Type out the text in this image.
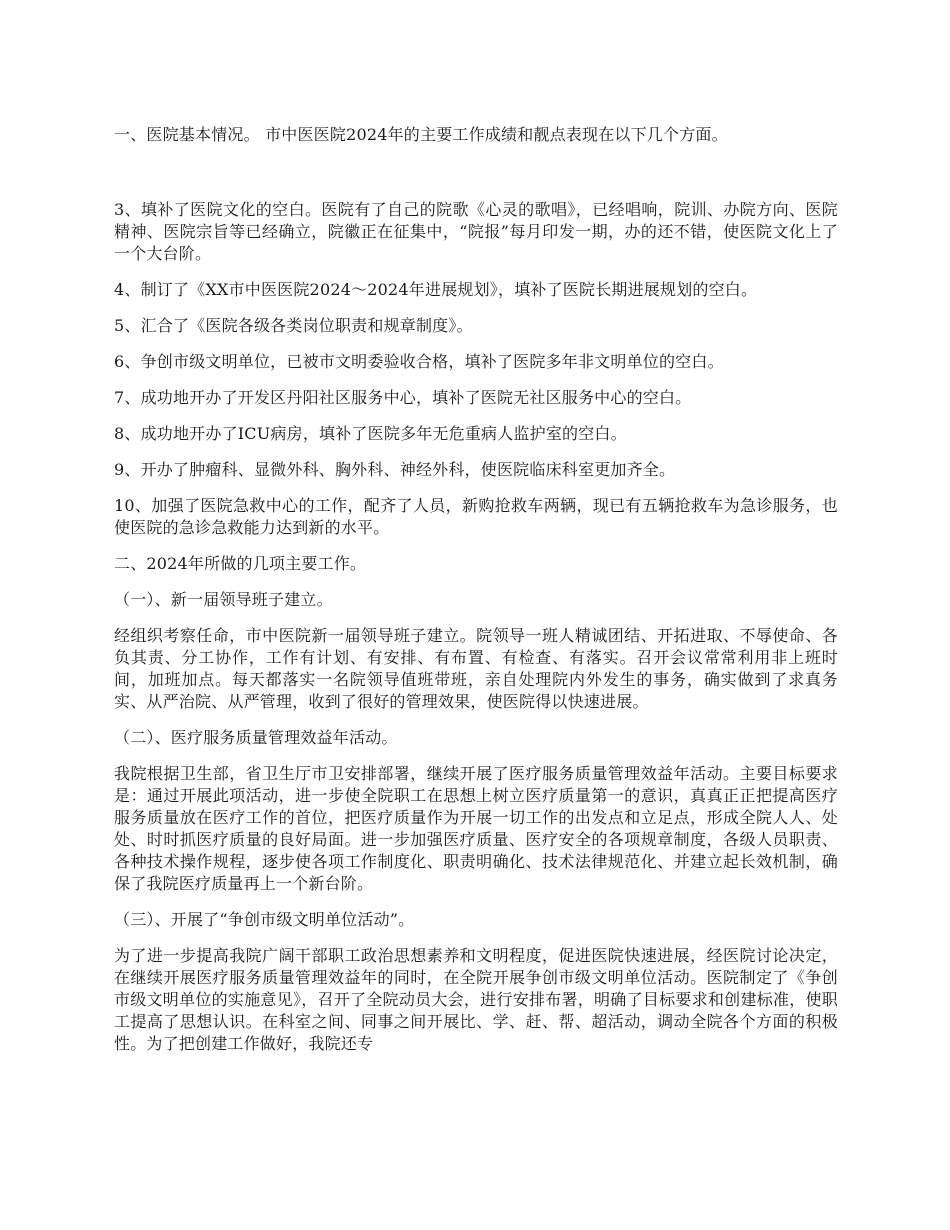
一、医院基本情况。 市中医医院2024年的主要工作成绩和靓点表现在以下几个方面。

3、填补了医院文化的空白。医院有了自己的院歌《心灵的歌唱》，已经唱响，院训、办院方向、医院精神、医院宗旨等已经确立，院徽正在征集中，“院报”每月印发一期，办的还不错，使医院文化上了一个大台阶。

4、制订了《XX市中医医院2024～2024年进展规划》，填补了医院长期进展规划的空白。

5、汇合了《医院各级各类岗位职责和规章制度》。

6、争创市级文明单位，已被市文明委验收合格，填补了医院多年非文明单位的空白。

7、成功地开办了开发区丹阳社区服务中心，填补了医院无社区服务中心的空白。

8、成功地开办了ICU病房，填补了医院多年无危重病人监护室的空白。

9、开办了肿瘤科、显微外科、胸外科、神经外科，使医院临床科室更加齐全。

10、加强了医院急救中心的工作，配齐了人员，新购抢救车两辆，现已有五辆抢救车为急诊服务，也使医院的急诊急救能力达到新的水平。

二、2024年所做的几项主要工作。

（一）、新一届领导班子建立。

经组织考察任命，市中医院新一届领导班子建立。院领导一班人精诚团结、开拓进取、不辱使命、各负其责、分工协作，工作有计划、有安排、有布置、有检查、有落实。召开会议常常利用非上班时间，加班加点。每天都落实一名院领导值班带班，亲自处理院内外发生的事务，确实做到了求真务实、从严治院、从严管理，收到了很好的管理效果，使医院得以快速进展。

（二）、医疗服务质量管理效益年活动。

我院根据卫生部，省卫生厅市卫安排部署，继续开展了医疗服务质量管理效益年活动。主要目标要求是：通过开展此项活动，进一步使全院职工在思想上树立医疗质量第一的意识，真真正正把提高医疗服务质量放在医疗工作的首位，把医疗质量作为开展一切工作的出发点和立足点，形成全院人人、处处、时时抓医疗质量的良好局面。进一步加强医疗质量、医疗安全的各项规章制度，各级人员职责、各种技术操作规程，逐步使各项工作制度化、职责明确化、技术法律规范化、并建立起长效机制，确保了我院医疗质量再上一个新台阶。

（三）、开展了“争创市级文明单位活动”。

为了进一步提高我院广阔干部职工政治思想素养和文明程度，促进医院快速进展，经医院讨论决定，在继续开展医疗服务质量管理效益年的同时，在全院开展争创市级文明单位活动。医院制定了《争创市级文明单位的实施意见》，召开了全院动员大会，进行安排布署，明确了目标要求和创建标准，使职工提高了思想认识。在科室之间、同事之间开展比、学、赶、帮、超活动，调动全院各个方面的积极性。为了把创建工作做好，我院还专
